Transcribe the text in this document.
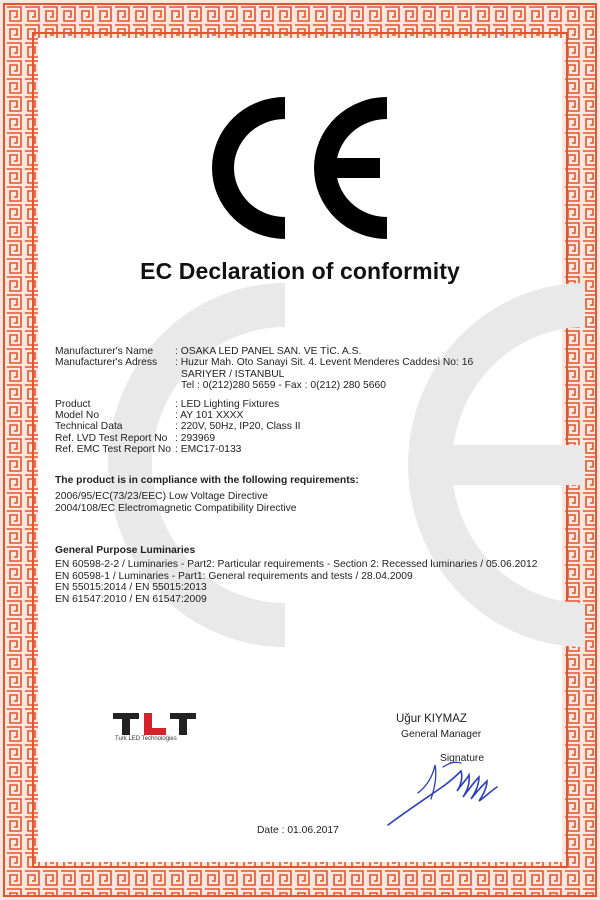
EC Declaration of conformity
Manufacturer's Name	: OSAKA LED PANEL SAN. VE TİC. A.S.
Manufacturer's Adress	: Huzur Mah. Oto Sanayi Sit. 4. Levent Menderes Caddesi No: 16
SARIYER / ISTANBUL
Tel : 0(212)280 5659 - Fax : 0(212) 280 5660
Product	: LED Lighting Fixtures
Model No	: AY 101 XXXX
Technical Data	: 220V, 50Hz, IP20, Class II
Ref. LVD Test Report No : 293969
Ref. EMC Test Report No : EMC17-0133
The product is in compliance with the following requirements:
2006/95/EC(73/23/EEC) Low Voltage Directive
2004/108/EC Electromagnetic Compatibility Directive
General Purpose Luminaries
EN 60598-2-2 / Luminaries - Part2: Particular requirements - Section 2: Recessed luminaries / 05.06.2012
EN 60598-1 / Luminaries - Part1: General requirements and tests / 28.04.2009
EN 55015:2014 / EN 55015:2013
EN 61547:2010 / EN 61547:2009
Turk LED Technologies
Uğur KIYMAZ
General Manager
Signature
Date : 01.06.2017
